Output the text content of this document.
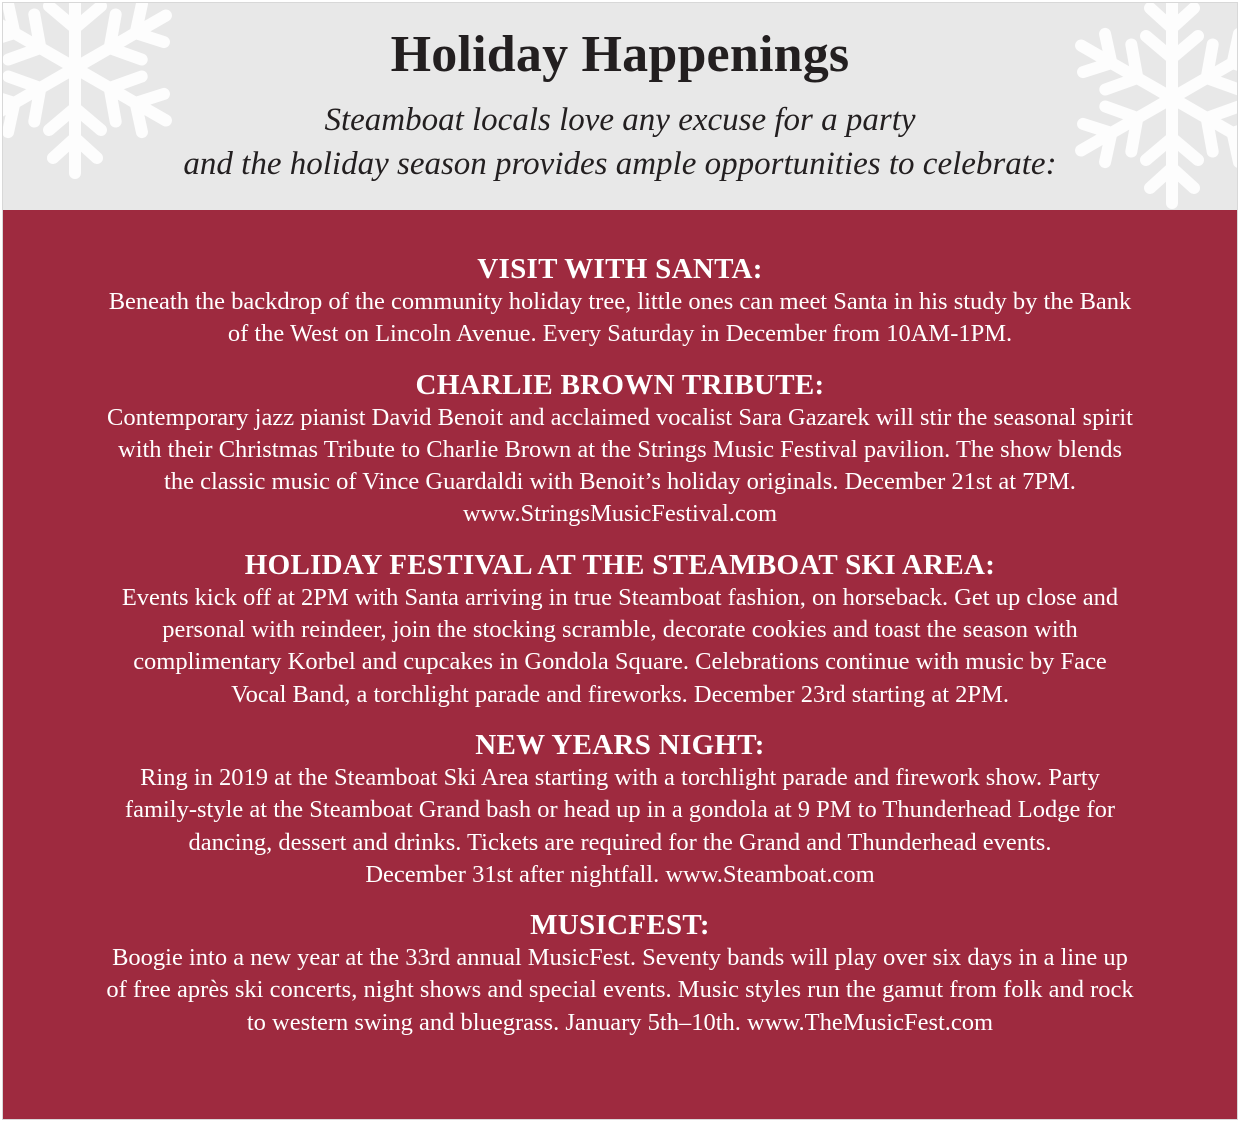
Holiday Happenings
Steamboat locals love any excuse for a party
and the holiday season provides ample opportunities to celebrate:
VISIT WITH SANTA:

Beneath the backdrop of the community holiday tree, little ones can meet Santa in his study by the Bank
of the West on Lincoln Avenue. Every Saturday in December from 10AM-1PM.

CHARLIE BROWN TRIBUTE:

Contemporary jazz pianist David Benoit and acclaimed vocalist Sara Gazarek will stir the seasonal spirit
with their Christmas Tribute to Charlie Brown at the Strings Music Festival pavilion. The show blends
the classic music of Vince Guardaldi with Benoit’s holiday originals. December 21st at 7PM.
www.StringsMusicFestival.com

HOLIDAY FESTIVAL AT THE STEAMBOAT SKI AREA:

Events kick off at 2PM with Santa arriving in true Steamboat fashion, on horseback. Get up close and
personal with reindeer, join the stocking scramble, decorate cookies and toast the season with
complimentary Korbel and cupcakes in Gondola Square. Celebrations continue with music by Face
Vocal Band, a torchlight parade and fireworks. December 23rd starting at 2PM.

NEW YEARS NIGHT:

Ring in 2019 at the Steamboat Ski Area starting with a torchlight parade and firework show. Party
family-style at the Steamboat Grand bash or head up in a gondola at 9 PM to Thunderhead Lodge for
dancing, dessert and drinks. Tickets are required for the Grand and Thunderhead events.
December 31st after nightfall. www.Steamboat.com

MUSICFEST:

Boogie into a new year at the 33rd annual MusicFest. Seventy bands will play over six days in a line up
of free après ski concerts, night shows and special events. Music styles run the gamut from folk and rock
to western swing and bluegrass. January 5th–10th. www.TheMusicFest.com
